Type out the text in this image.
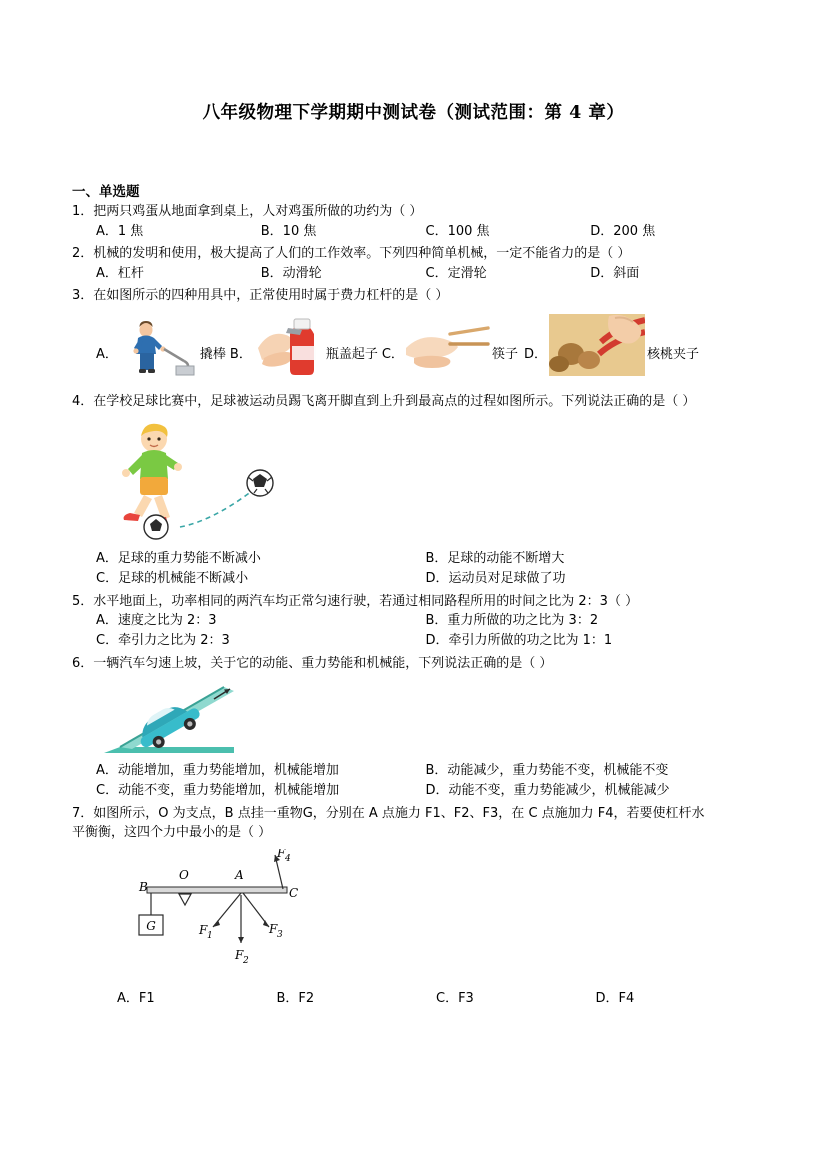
八年级物理下学期期中测试卷（测试范围：第 4 章）
一、单选题
1．把两只鸡蛋从地面拿到桌上，人对鸡蛋所做的功约为（ ）
A．1 焦	B．10 焦	C．100 焦	D．200 焦
2．机械的发明和使用，极大提高了人们的工作效率。下列四种简单机械，一定不能省力的是（ ）
A．杠杆	B．动滑轮	C．定滑轮	D．斜面
3．在如图所示的四种用具中，正常使用时属于费力杠杆的是（ ）
A．	撬棒 B．	瓶盖起子 C．	筷子 D．	核桃夹子
4．在学校足球比赛中，足球被运动员踢飞离开脚直到上升到最高点的过程如图所示。下列说法正确的是（ ）
A．足球的重力势能不断减小	B．足球的动能不断增大
C．足球的机械能不断减小	D．运动员对足球做了功
5．水平地面上，功率相同的两汽车均正常匀速行驶，若通过相同路程所用的时间之比为 2：3（ ）
A．速度之比为 2：3	B．重力所做的功之比为 3：2
C．牵引力之比为 2：3	D．牵引力所做的功之比为 1：1
6．一辆汽车匀速上坡，关于它的动能、重力势能和机械能，下列说法正确的是（ ）
A．动能增加，重力势能增加，机械能增加	B．动能减少，重力势能不变，机械能不变
C．动能不变，重力势能增加，机械能增加	D．动能不变，重力势能减少，机械能减少
7．如图所示，O 为支点，B 点挂一重物G，分别在 A 点施力 F1、F2、F3，在 C 点施加力 F4，若要使杠杆水
平衡衡，这四个力中最小的是（ ）
G
B
O	A
C
F 4
F 1
F 2
F 3
A．F1	B．F2	C．F3	D．F4
